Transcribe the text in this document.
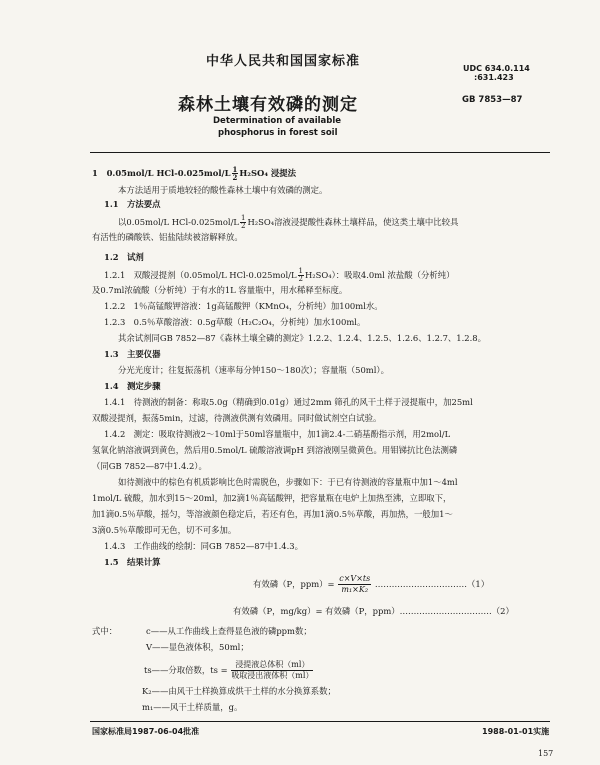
中华人民共和国国家标准	UDC 634.0.114
:631.423
森林土壤有效磷的测定	GB 7853—87
Determination of available
phosphorus in forest soil
1 0.05mol/L $HCl-0.025mol/L \frac{1}{2} H_2SO_4$ 浸提法
本方法适用于质地较轻的酸性森林土壤中有效磷的测定。
1.1　方法要点
以0.05mol/L $HCl-0.025mol/L \frac{1}{2} H_2SO_4$溶液浸提酸性森林土壤样品，使这类土壤中比较具
有活性的磷酸铁、铝盐陆续被溶解释放。
1.2　试剂
1.2.1　双酸浸提剂（0.05mol/L $HCl-0.025mol/L \frac{1}{2} H_2SO_4$）：吸取4.0ml 浓盐酸（分析纯）
及0.7ml浓硫酸（分析纯）于有水的1L 容量瓶中，用水稀释至标度。
1.2.2　1％高锰酸钾溶液：1g高锰酸钾（KMnO₄，分析纯）加100ml水。
1.2.3　0.5％草酸溶液：0.5g草酸（H₂C₂O₄，分析纯）加水100ml。
其余试剂同GB 7852—87《森林土壤全磷的测定》1.2.2、1.2.4、1.2.5、1.2.6、1.2.7、1.2.8。
1.3　主要仪器
分光光度计；往复振荡机（速率每分钟150～180次）；容量瓶（50ml）。
1.4　测定步骤
1.4.1　待测液的制备：称取5.0g（精确到0.01g）通过2mm 筛孔的风干土样于浸提瓶中，加25ml
双酸浸提剂，振荡5min，过滤，待测液供测有效磷用。同时做试剂空白试验。
1.4.2　测定：吸取待测液2～10ml于50ml容量瓶中，加1滴2.4-二硝基酚指示剂，用2mol/L
氢氧化钠溶液调到黄色，然后用0.5mol/L 硫酸溶液调pH 到溶液刚呈微黄色。用钼锑抗比色法测磷
（同GB 7852—87中1.4.2）。
如待测液中的棕色有机质影响比色时需脱色，步骤如下：于已有待测液的容量瓶中加1～4ml
1mol/L 硫酸，加水到15～20ml，加2滴1％高锰酸钾，把容量瓶在电炉上加热至沸，立即取下，
加1滴0.5％草酸，摇匀，等溶液颜色稳定后，若还有色，再加1滴0.5％草酸，再加热，一般加1～
3滴0.5％草酸即可无色，切不可多加。
1.4.3　工作曲线的绘制：同GB 7852—87中1.4.3。
1.5　结果计算
有效磷（P，$ppm)= \frac{c\times V\times ts}{\text{m₁×K₂}}$ ……………………………（1）
有效磷（P，mg/kg）= 有效磷（P，ppm）……………………………（2）
式中：	c——从工作曲线上查得显色液的磷ppm数；
V——显色液体积，50ml；
ts——分取倍数，ts = $\frac{\text{浸提液总体积（ml）}}{\text{吸取浸出液体积（ml）}}$
K₂——由风干土样换算成烘干土样的水分换算系数；
m₁——风干土样质量，g。
国家标准局1987-06-04批准	1988-01-01实施
157
